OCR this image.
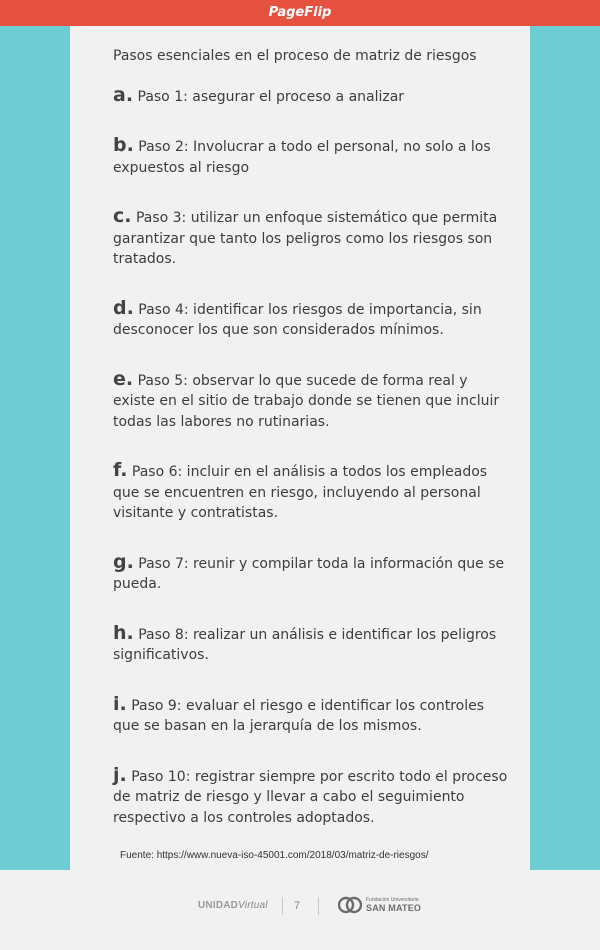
PageFlip

Pasos esenciales en el proceso de matriz de riesgos

a. Paso 1: asegurar el proceso a analizar

b. Paso 2: Involucrar a todo el personal, no solo a los expuestos al riesgo

c. Paso 3: utilizar un enfoque sistemático que permita garantizar que tanto los peligros como los riesgos son tratados.

d. Paso 4: identificar los riesgos de importancia, sin desconocer los que son considerados mínimos.

e. Paso 5: observar lo que sucede de forma real y existe en el sitio de trabajo donde se tienen que incluir todas las labores no rutinarias.

f. Paso 6: incluir en el análisis a todos los empleados que se encuentren en riesgo, incluyendo al personal visitante y contratistas.

g. Paso 7: reunir y compilar toda la información que se pueda.

h. Paso 8: realizar un análisis e identificar los peligros significativos.

i. Paso 9: evaluar el riesgo e identificar los controles que se basan en la jerarquía de los mismos.

j. Paso 10: registrar siempre por escrito todo el proceso de matriz de riesgo y llevar a cabo el seguimiento respectivo a los controles adoptados.

Fuente: https://www.nueva-iso-45001.com/2018/03/matriz-de-riesgos/
UNIDADVirtual 7	Fundación Universitaria
SAN MATEO
